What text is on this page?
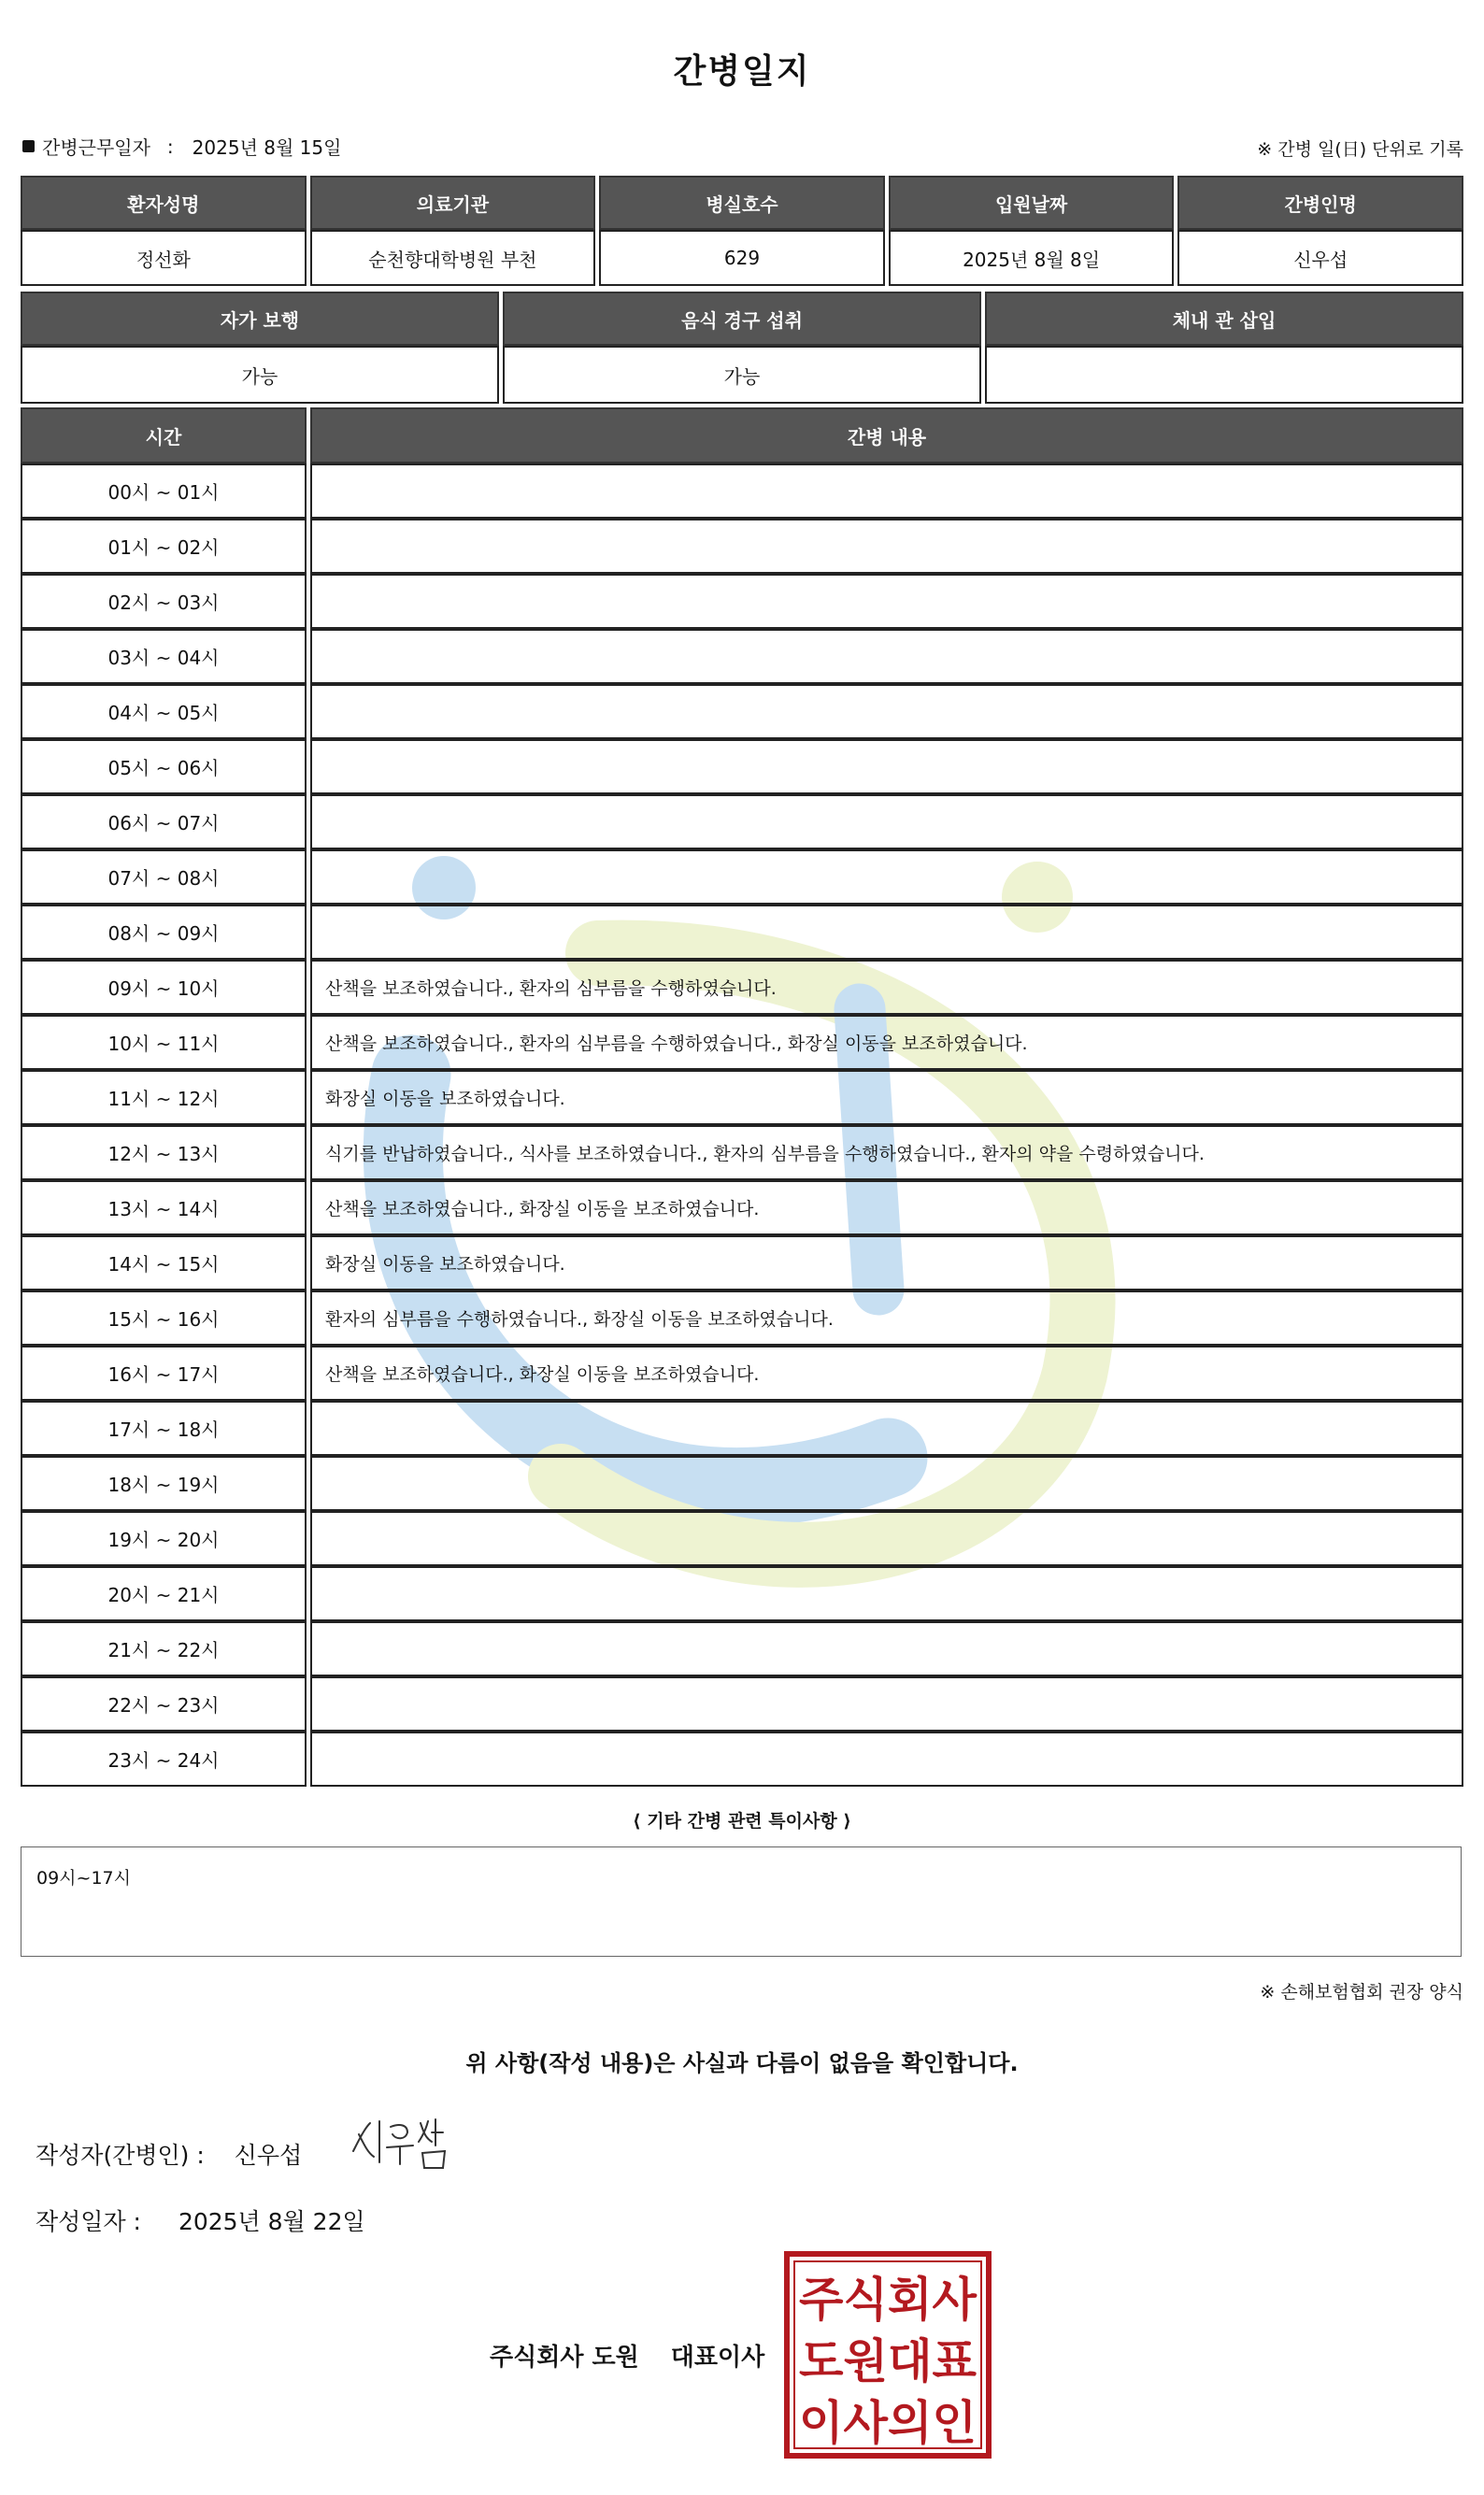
간병일지
간병근무일자 : 2025년 8월 15일	※ 간병 일(日) 단위로 기록
환자성명	의료기관	병실호수	입원날짜	간병인명
정선화	순천향대학병원 부천	629	2025년 8월 8일	신우섭
자가 보행	음식 경구 섭취	체내 관 삽입
가능	가능	
시간	간병 내용
00시 ~ 01시	
01시 ~ 02시	
02시 ~ 03시	
03시 ~ 04시	
04시 ~ 05시	
05시 ~ 06시	
06시 ~ 07시	
07시 ~ 08시	
08시 ~ 09시	
09시 ~ 10시	산책을 보조하였습니다., 환자의 심부름을 수행하였습니다.
10시 ~ 11시	산책을 보조하였습니다., 환자의 심부름을 수행하였습니다., 화장실 이동을 보조하였습니다.
11시 ~ 12시	화장실 이동을 보조하였습니다.
12시 ~ 13시	식기를 반납하였습니다., 식사를 보조하였습니다., 환자의 심부름을 수행하였습니다., 환자의 약을 수령하였습니다.
13시 ~ 14시	산책을 보조하였습니다., 화장실 이동을 보조하였습니다.
14시 ~ 15시	화장실 이동을 보조하였습니다.
15시 ~ 16시	환자의 심부름을 수행하였습니다., 화장실 이동을 보조하였습니다.
16시 ~ 17시	산책을 보조하였습니다., 화장실 이동을 보조하였습니다.
17시 ~ 18시	
18시 ~ 19시	
19시 ~ 20시	
20시 ~ 21시	
21시 ~ 22시	
22시 ~ 23시	
23시 ~ 24시	
⟨ 기타 간병 관련 특이사항 ⟩
09시~17시
※ 손해보험협회 권장 양식
위 사항(작성 내용)은 사실과 다름이 없음을 확인합니다.
작성자(간병인) : 신우섭
작성일자 : 2025년 8월 22일
주식회사 도원 대표이사
주식회사
도원대표
이사의인
